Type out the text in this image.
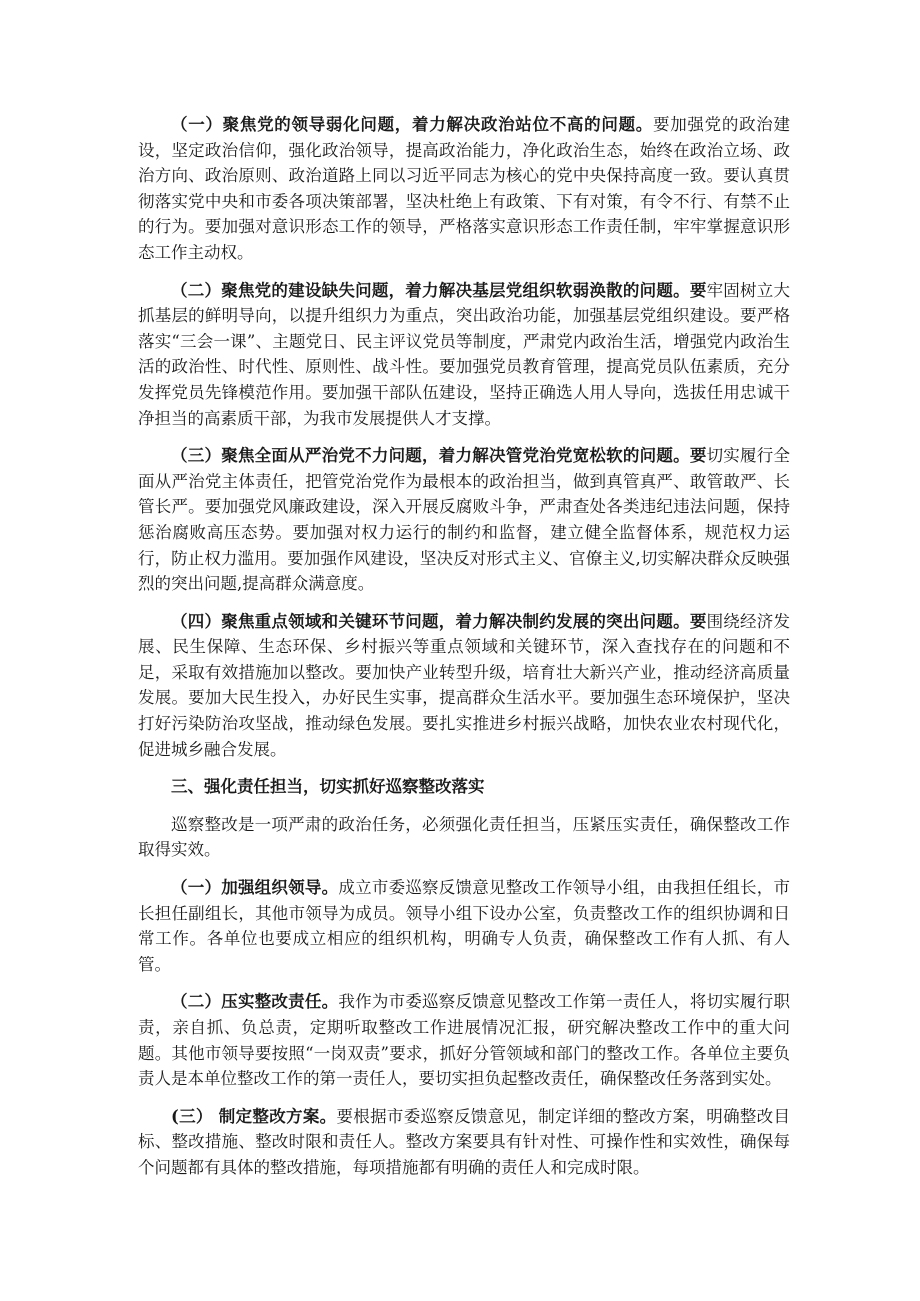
（一）聚焦党的领导弱化问题，着力解决政治站位不高的问题。要加强党的政治建设，坚定政治信仰，强化政治领导，提高政治能力，净化政治生态，始终在政治立场、政治方向、政治原则、政治道路上同以习近平同志为核心的党中央保持高度一致。要认真贯彻落实党中央和市委各项决策部署，坚决杜绝上有政策、下有对策，有令不行、有禁不止的行为。要加强对意识形态工作的领导，严格落实意识形态工作责任制，牢牢掌握意识形态工作主动权。

（二）聚焦党的建设缺失问题，着力解决基层党组织软弱涣散的问题。要牢固树立大抓基层的鲜明导向，以提升组织力为重点，突出政治功能，加强基层党组织建设。要严格落实“三会一课”、主题党日、民主评议党员等制度，严肃党内政治生活，增强党内政治生活的政治性、时代性、原则性、战斗性。要加强党员教育管理，提高党员队伍素质，充分发挥党员先锋模范作用。要加强干部队伍建设，坚持正确选人用人导向，选拔任用忠诚干净担当的高素质干部，为我市发展提供人才支撑。

（三）聚焦全面从严治党不力问题，着力解决管党治党宽松软的问题。要切实履行全面从严治党主体责任，把管党治党作为最根本的政治担当，做到真管真严、敢管敢严、长管长严。要加强党风廉政建设，深入开展反腐败斗争，严肃查处各类违纪违法问题，保持惩治腐败高压态势。要加强对权力运行的制约和监督，建立健全监督体系，规范权力运行，防止权力滥用。要加强作风建设，坚决反对形式主义、官僚主义,切实解决群众反映强烈的突出问题,提高群众满意度。

（四）聚焦重点领域和关键环节问题，着力解决制约发展的突出问题。要围绕经济发展、民生保障、生态环保、乡村振兴等重点领域和关键环节，深入查找存在的问题和不足，采取有效措施加以整改。要加快产业转型升级，培育壮大新兴产业，推动经济高质量发展。要加大民生投入，办好民生实事，提高群众生活水平。要加强生态环境保护，坚决打好污染防治攻坚战，推动绿色发展。要扎实推进乡村振兴战略，加快农业农村现代化，促进城乡融合发展。

三、强化责任担当，切实抓好巡察整改落实

巡察整改是一项严肃的政治任务，必须强化责任担当，压紧压实责任，确保整改工作取得实效。

（一）加强组织领导。成立市委巡察反馈意见整改工作领导小组，由我担任组长，市长担任副组长，其他市领导为成员。领导小组下设办公室，负责整改工作的组织协调和日常工作。各单位也要成立相应的组织机构，明确专人负责，确保整改工作有人抓、有人管。

（二）压实整改责任。我作为市委巡察反馈意见整改工作第一责任人，将切实履行职责，亲自抓、负总责，定期听取整改工作进展情况汇报，研究解决整改工作中的重大问题。其他市领导要按照“一岗双责”要求，抓好分管领域和部门的整改工作。各单位主要负责人是本单位整改工作的第一责任人，要切实担负起整改责任，确保整改任务落到实处。

(三） 制定整改方案。要根据市委巡察反馈意见，制定详细的整改方案，明确整改目标、整改措施、整改时限和责任人。整改方案要具有针对性、可操作性和实效性，确保每个问题都有具体的整改措施，每项措施都有明确的责任人和完成时限。
